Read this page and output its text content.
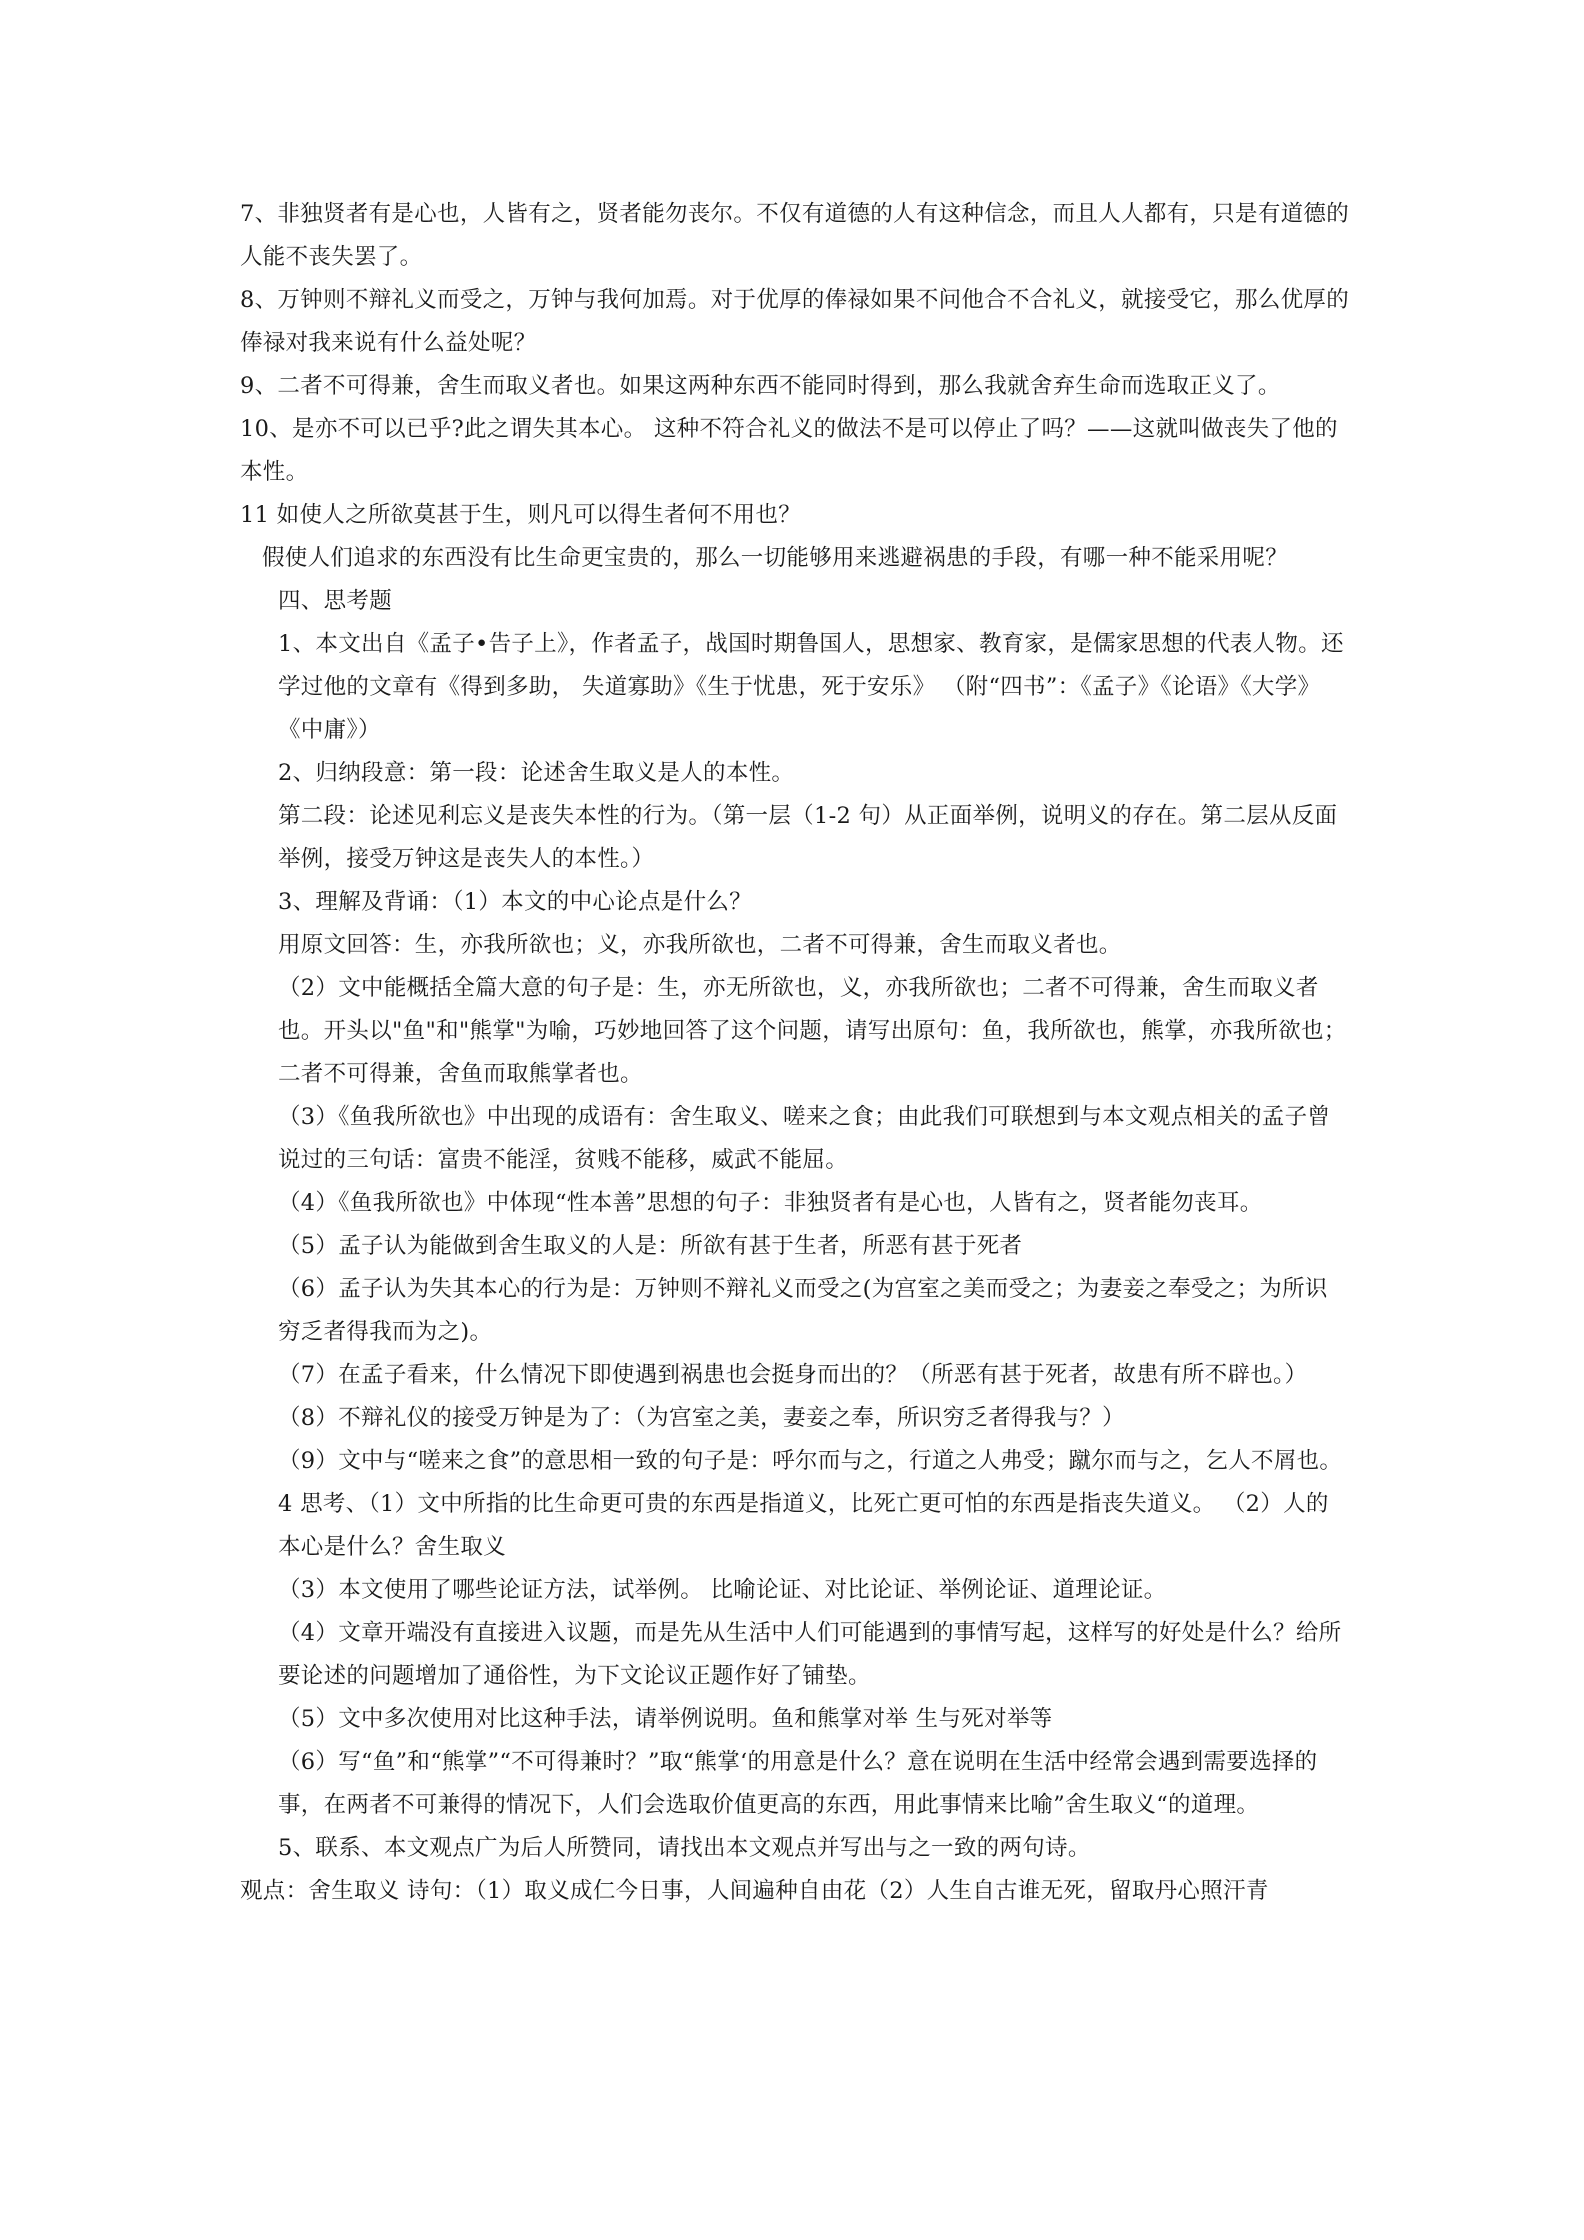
7、非独贤者有是心也，人皆有之，贤者能勿丧尔。不仅有道德的人有这种信念，而且人人都有，只是有道德的人能不丧失罢了。

8、万钟则不辩礼义而受之，万钟与我何加焉。对于优厚的俸禄如果不问他合不合礼义，就接受它，那么优厚的俸禄对我来说有什么益处呢？

9、二者不可得兼，舍生而取义者也。如果这两种东西不能同时得到，那么我就舍弃生命而选取正义了。

10、是亦不可以已乎?此之谓失其本心。 这种不符合礼义的做法不是可以停止了吗？——这就叫做丧失了他的本性。

11 如使人之所欲莫甚于生，则凡可以得生者何不用也？

假使人们追求的东西没有比生命更宝贵的，那么一切能够用来逃避祸患的手段，有哪一种不能采用呢？

四、思考题

1、本文出自《孟子•告子上》，作者孟子，战国时期鲁国人，思想家、教育家，是儒家思想的代表人物。还学过他的文章有《得到多助， 失道寡助》《生于忧患，死于安乐》 （附“四书”：《孟子》《论语》《大学》《中庸》）

2、归纳段意：第一段：论述舍生取义是人的本性。

第二段：论述见利忘义是丧失本性的行为。（第一层（1-2 句）从正面举例，说明义的存在。第二层从反面举例，接受万钟这是丧失人的本性。）

3、理解及背诵：（1）本文的中心论点是什么？

用原文回答：生，亦我所欲也；义，亦我所欲也，二者不可得兼，舍生而取义者也。

（2）文中能概括全篇大意的句子是：生，亦无所欲也，义，亦我所欲也；二者不可得兼，舍生而取义者也。开头以"鱼"和"熊掌"为喻，巧妙地回答了这个问题，请写出原句：鱼，我所欲也，熊掌，亦我所欲也；二者不可得兼，舍鱼而取熊掌者也。

（3）《鱼我所欲也》中出现的成语有：舍生取义、嗟来之食；由此我们可联想到与本文观点相关的孟子曾说过的三句话：富贵不能淫，贫贱不能移，威武不能屈。

（4）《鱼我所欲也》中体现“性本善”思想的句子：非独贤者有是心也，人皆有之，贤者能勿丧耳。

（5）孟子认为能做到舍生取义的人是：所欲有甚于生者，所恶有甚于死者

（6）孟子认为失其本心的行为是：万钟则不辩礼义而受之(为宫室之美而受之；为妻妾之奉受之；为所识穷乏者得我而为之)。

（7）在孟子看来，什么情况下即使遇到祸患也会挺身而出的？（所恶有甚于死者，故患有所不辟也。）

（8）不辩礼仪的接受万钟是为了：（为宫室之美，妻妾之奉，所识穷乏者得我与？）

（9）文中与“嗟来之食”的意思相一致的句子是：呼尔而与之，行道之人弗受；蹴尔而与之，乞人不屑也。

4 思考、（1）文中所指的比生命更可贵的东西是指道义，比死亡更可怕的东西是指丧失道义。 （2）人的本心是什么？舍生取义

（3）本文使用了哪些论证方法，试举例。 比喻论证、对比论证、举例论证、道理论证。

（4）文章开端没有直接进入议题，而是先从生活中人们可能遇到的事情写起，这样写的好处是什么？给所要论述的问题增加了通俗性，为下文论议正题作好了铺垫。

（5）文中多次使用对比这种手法，请举例说明。鱼和熊掌对举 生与死对举等

（6）写“鱼”和“熊掌”“不可得兼时？”取“熊掌‘的用意是什么？意在说明在生活中经常会遇到需要选择的事，在两者不可兼得的情况下，人们会选取价值更高的东西，用此事情来比喻”舍生取义“的道理。

5、联系、本文观点广为后人所赞同，请找出本文观点并写出与之一致的两句诗。

观点：舍生取义 诗句：（1）取义成仁今日事，人间遍种自由花（2）人生自古谁无死，留取丹心照汗青
